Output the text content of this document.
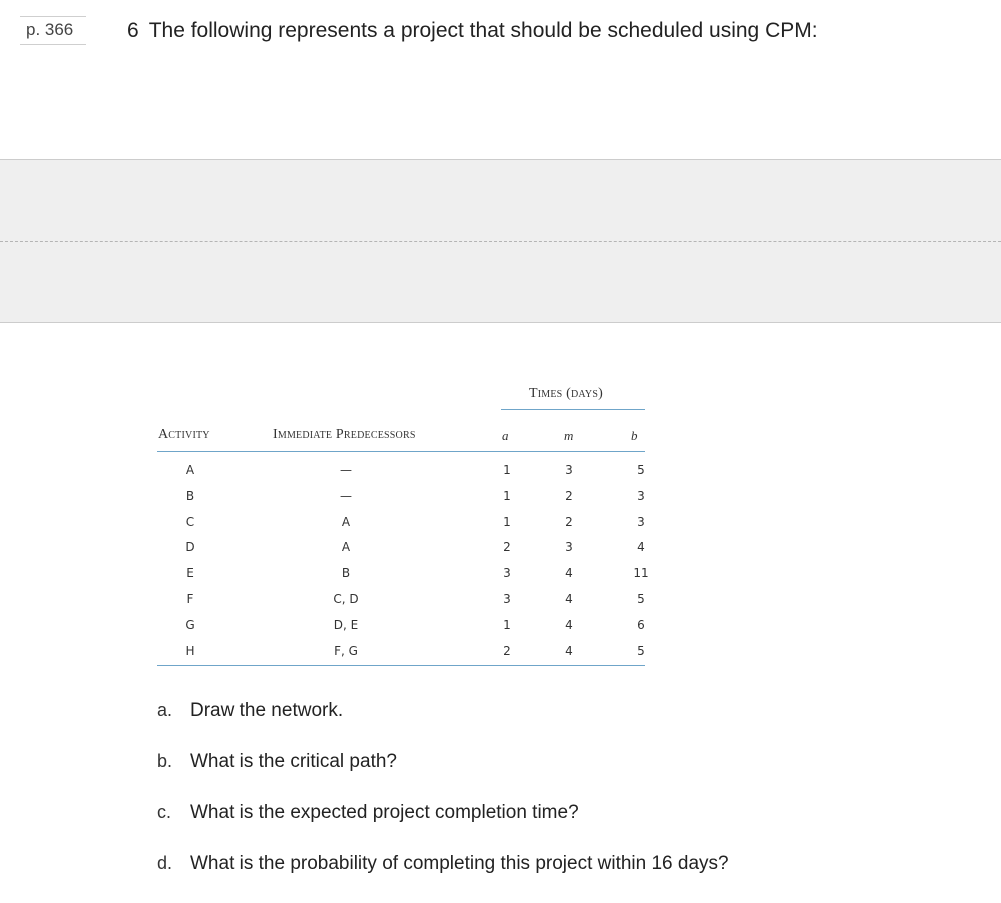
p. 366	6 The following represents a project that should be scheduled using CPM:
Times (days)
Activity	Immediate Predecessors	a	m	b
A	—	1	3	5
B	—	1	2	3
C	A	1	2	3
D	A	2	3	4
E	B	3	4	11
F	C, D	3	4	5
G	D, E	1	4	6
H	F, G	2	4	5
a. Draw the network.
b. What is the critical path?
c. What is the expected project completion time?
d. What is the probability of completing this project within 16 days?
